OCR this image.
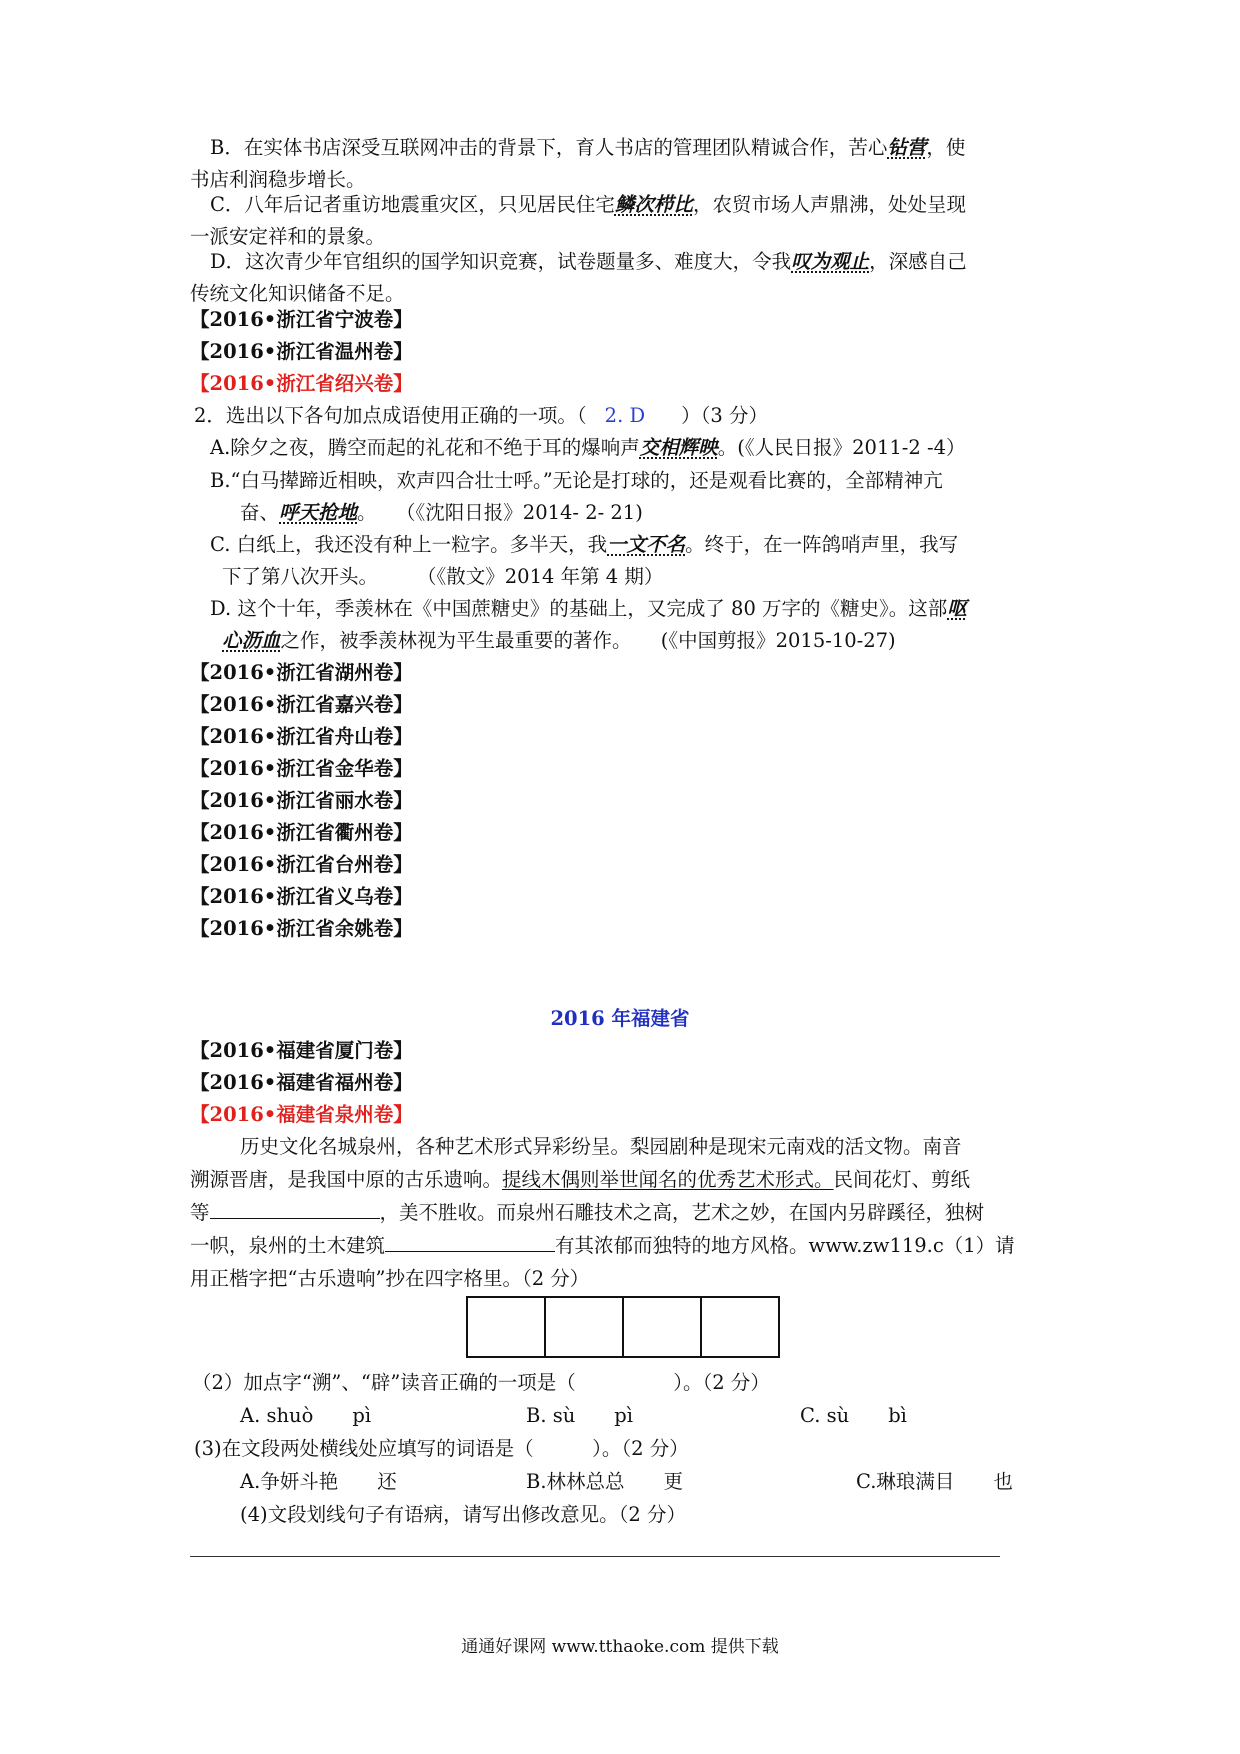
B．在实体书店深受互联网冲击的背景下，育人书店的管理团队精诚合作，苦心钻营，使
书店利润稳步增长。
C．八年后记者重访地震重灾区，只见居民住宅鳞次栉比，农贸市场人声鼎沸，处处呈现
一派安定祥和的景象。
D．这次青少年官组织的国学知识竞赛，试卷题量多、难度大，令我叹为观止，深感自己
传统文化知识储备不足。
【2016•浙江省宁波卷】
【2016•浙江省温州卷】
【2016•浙江省绍兴卷】
2．选出以下各句加点成语使用正确的一项。（ 2. D ）（3 分）
A.除夕之夜，腾空而起的礼花和不绝于耳的爆响声交相辉映。(《人民日报》2011-2 -4）
B.“白马撵蹄近相映，欢声四合壮士呼。”无论是打球的，还是观看比赛的，全部精神亢
奋、呼天抢地。　　（《沈阳日报》2014- 2- 21)
C. 白纸上，我还没有种上一粒字。多半天，我一文不名。终于，在一阵鸽哨声里，我写
下了第八次开头。　　　（《散文》2014 年第 4 期）
D. 这个十年，季羡林在《中国蔗糖史》的基础上，又完成了 80 万字的《糖史》。这部呕
心沥血之作，被季羡林视为平生最重要的著作。　　(《中国剪报》2015-10-27)
【2016•浙江省湖州卷】
【2016•浙江省嘉兴卷】
【2016•浙江省舟山卷】
【2016•浙江省金华卷】
【2016•浙江省丽水卷】
【2016•浙江省衢州卷】
【2016•浙江省台州卷】
【2016•浙江省义乌卷】
【2016•浙江省余姚卷】
2016 年福建省
【2016•福建省厦门卷】
【2016•福建省福州卷】
【2016•福建省泉州卷】
历史文化名城泉州，各种艺术形式异彩纷呈。梨园剧种是现宋元南戏的活文物。南音
溯源晋唐，是我国中原的古乐遗响。提线木偶则举世闻名的优秀艺术形式。民间花灯、剪纸
等	，美不胜收。而泉州石雕技术之高，艺术之妙，在国内另辟蹊径，独树
一帜，泉州的土木建筑	有其浓郁而独特的地方风格。www.zw119.c（1）请
用正楷字把“古乐遗响”抄在四字格里。（2 分）
（2）加点字“溯”、“辟”读音正确的一项是（　　　　　）。（2 分）
A. shuò　　pì	B. sù　　pì	C. sù　　bì
(3)在文段两处横线处应填写的词语是（　　　）。（2 分）
A.争妍斗艳　　还	B.林林总总　　更	C.琳琅满目　　也
(4)文段划线句子有语病，请写出修改意见。（2 分）
通通好课网 www.tthaoke.com 提供下载
